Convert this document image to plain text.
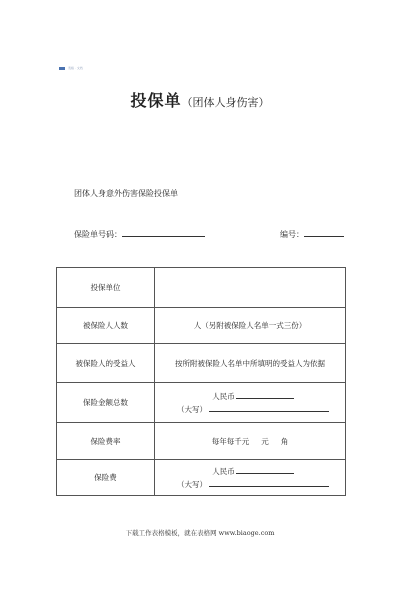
表格 · 文档
投保单（团体人身伤害）
团体人身意外伤害保险投保单
保险单号码：	编号：
投保单位	
被保险人人数	人（另附被保险人名单一式三份）
被保险人的受益人	按所附被保险人名单中所填明的受益人为依据
保险金额总数	人民币
（大写）

保险费率	每年每千元 元 角

保险费	人民币
（大写）
下载工作表格模板，就在表格网 www.biaoge.com
